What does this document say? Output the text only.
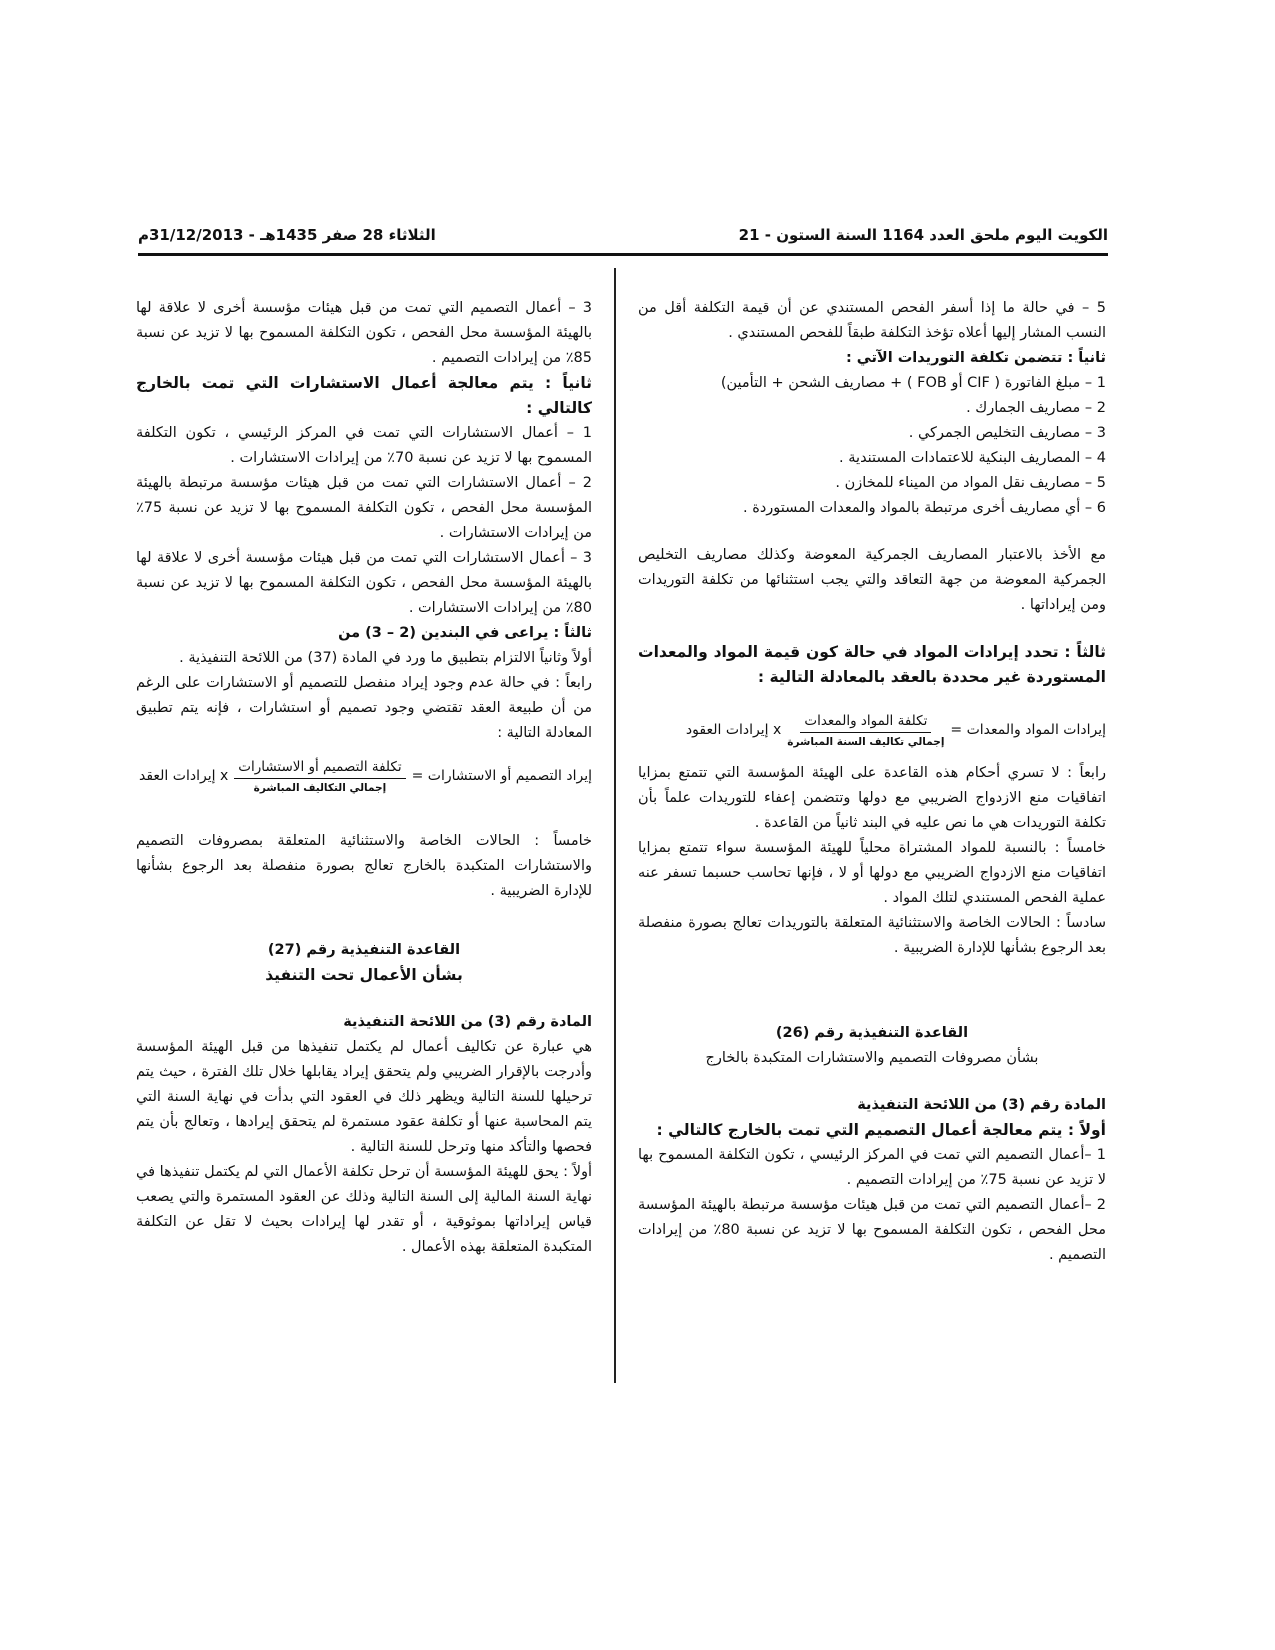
الكويت اليوم ملحق العدد 1164 السنة الستون - 21
الثلاثاء 28 صفر 1435هـ - 31/12/2013م

5 – في حالة ما إذا أسفر الفحص المستندي عن أن قيمة التكلفة أقل من النسب المشار إليها أعلاه تؤخذ التكلفة طبقاً للفحص المستندي .

ثانياً : تتضمن تكلفة التوريدات الآتي :

1 – مبلغ الفاتورة ( CIF أو FOB ) + مصاريف الشحن + التأمين)

2 – مصاريف الجمارك .

3 – مصاريف التخليص الجمركي .

4 – المصاريف البنكية للاعتمادات المستندية .

5 – مصاريف نقل المواد من الميناء للمخازن .

6 – أي مصاريف أخرى مرتبطة بالمواد والمعدات المستوردة .

مع الأخذ بالاعتبار المصاريف الجمركية المعوضة وكذلك مصاريف التخليص الجمركية المعوضة من جهة التعاقد والتي يجب استثنائها من تكلفة التوريدات ومن إيراداتها .

ثالثاً : تحدد إيرادات المواد في حالة كون قيمة المواد والمعدات المستوردة غير محددة بالعقد بالمعادلة التالية :

إيرادات المواد والمعدات =
$\frac{\text{تكلفة المواد والمعدات}}{\text{إجمالي تكاليف السنة المباشرة}}$
x إيرادات العقود

رابعاً : لا تسري أحكام هذه القاعدة على الهيئة المؤسسة التي تتمتع بمزايا اتفاقيات منع الازدواج الضريبي مع دولها وتتضمن إعفاء للتوريدات علماً بأن تكلفة التوريدات هي ما نص عليه في البند ثانياً من القاعدة .

خامساً : بالنسبة للمواد المشتراة محلياً للهيئة المؤسسة سواء تتمتع بمزايا اتفاقيات منع الازدواج الضريبي مع دولها أو لا ، فإنها تحاسب حسبما تسفر عنه عملية الفحص المستندي لتلك المواد .

سادساً : الحالات الخاصة والاستثنائية المتعلقة بالتوريدات تعالج بصورة منفصلة بعد الرجوع بشأنها للإدارة الضريبية .

القاعدة التنفيذية رقم (26)

بشأن مصروفات التصميم والاستشارات المتكبدة بالخارج

المادة رقم (3) من اللائحة التنفيذية

أولاً : يتم معالجة أعمال التصميم التي تمت بالخارج كالتالي :

1 –أعمال التصميم التي تمت في المركز الرئيسي ، تكون التكلفة المسموح بها لا تزيد عن نسبة 75٪ من إيرادات التصميم .

2 –أعمال التصميم التي تمت من قبل هيئات مؤسسة مرتبطة بالهيئة المؤسسة محل الفحص ، تكون التكلفة المسموح بها لا تزيد عن نسبة 80٪ من إيرادات التصميم .

3 – أعمال التصميم التي تمت من قبل هيئات مؤسسة أخرى لا علاقة لها بالهيئة المؤسسة محل الفحص ، تكون التكلفة المسموح بها لا تزيد عن نسبة 85٪ من إيرادات التصميم .

ثانياً : يتم معالجة أعمال الاستشارات التي تمت بالخارج كالتالي :

1 – أعمال الاستشارات التي تمت في المركز الرئيسي ، تكون التكلفة المسموح بها لا تزيد عن نسبة 70٪ من إيرادات الاستشارات .

2 – أعمال الاستشارات التي تمت من قبل هيئات مؤسسة مرتبطة بالهيئة المؤسسة محل الفحص ، تكون التكلفة المسموح بها لا تزيد عن نسبة 75٪ من إيرادات الاستشارات .

3 – أعمال الاستشارات التي تمت من قبل هيئات مؤسسة أخرى لا علاقة لها بالهيئة المؤسسة محل الفحص ، تكون التكلفة المسموح بها لا تزيد عن نسبة 80٪ من إيرادات الاستشارات .

ثالثاً : يراعى في البندين (2 – 3) من

أولاً وثانياً الالتزام بتطبيق ما ورد في المادة (37) من اللائحة التنفيذية .

رابعاً : في حالة عدم وجود إيراد منفصل للتصميم أو الاستشارات على الرغم من أن طبيعة العقد تقتضي وجود تصميم أو استشارات ، فإنه يتم تطبيق المعادلة التالية :

إيراد التصميم أو الاستشارات =
$\frac{\text{تكلفة التصميم أو الاستشارات}}{\text{إجمالي التكاليف المباشرة}}$
x إيرادات العقد

خامساً : الحالات الخاصة والاستثنائية المتعلقة بمصروفات التصميم والاستشارات المتكبدة بالخارج تعالج بصورة منفصلة بعد الرجوع بشأنها للإدارة الضريبية .

القاعدة التنفيذية رقم (27)

بشأن الأعمال تحت التنفيذ

المادة رقم (3) من اللائحة التنفيذية

هي عبارة عن تكاليف أعمال لم يكتمل تنفيذها من قبل الهيئة المؤسسة وأدرجت بالإقرار الضريبي ولم يتحقق إيراد يقابلها خلال تلك الفترة ، حيث يتم ترحيلها للسنة التالية ويظهر ذلك في العقود التي بدأت في نهاية السنة التي يتم المحاسبة عنها أو تكلفة عقود مستمرة لم يتحقق إيرادها ، وتعالج بأن يتم فحصها والتأكد منها وترحل للسنة التالية .

أولاً : يحق للهيئة المؤسسة أن ترحل تكلفة الأعمال التي لم يكتمل تنفيذها في نهاية السنة المالية إلى السنة التالية وذلك عن العقود المستمرة والتي يصعب قياس إيراداتها بموثوقية ، أو تقدر لها إيرادات بحيث لا تقل عن التكلفة المتكبدة المتعلقة بهذه الأعمال .
